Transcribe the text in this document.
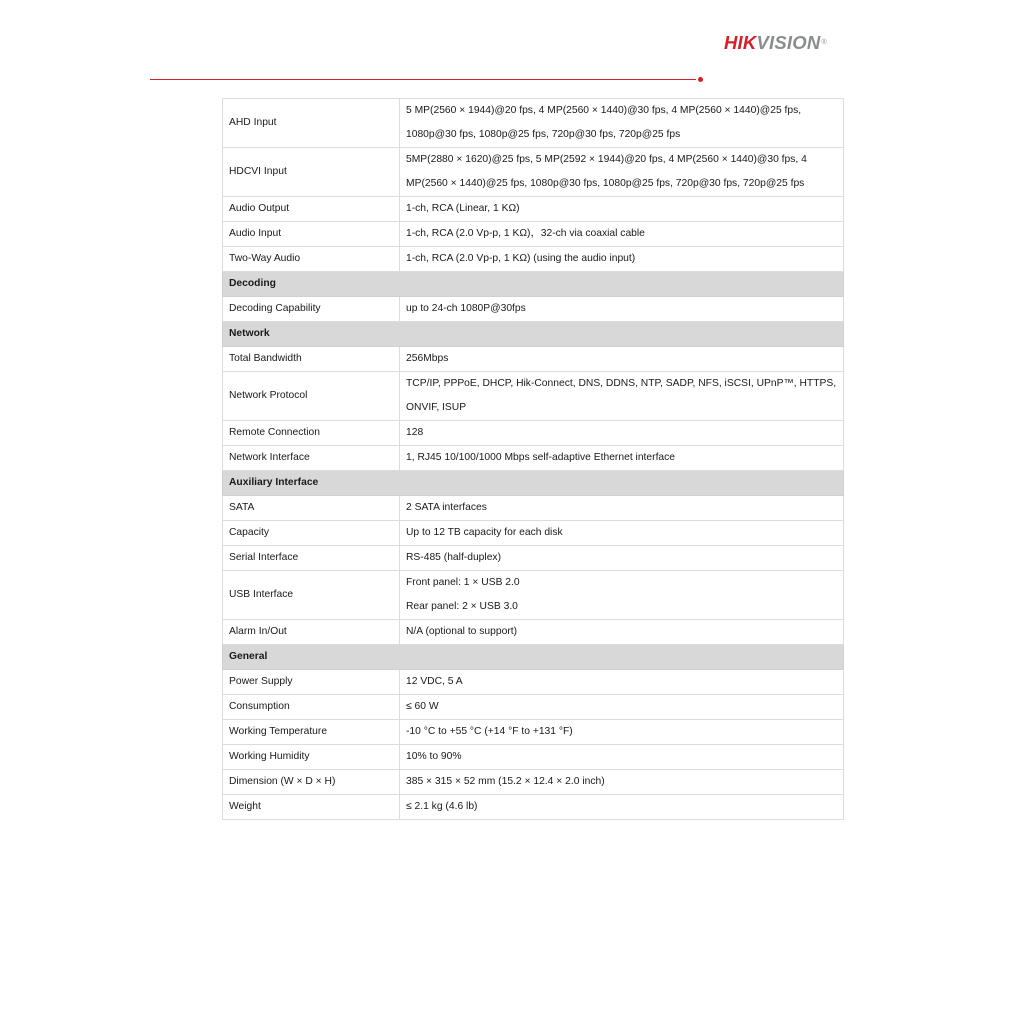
HIKVISION®
AHD Input	5 MP(2560 × 1944)@20 fps, 4 MP(2560 × 1440)@30 fps, 4 MP(2560 × 1440)@25 fps,
1080p@30 fps, 1080p@25 fps, 720p@30 fps, 720p@25 fps

HDCVI Input	5MP(2880 × 1620)@25 fps, 5 MP(2592 × 1944)@20 fps, 4 MP(2560 × 1440)@30 fps, 4
MP(2560 × 1440)@25 fps, 1080p@30 fps, 1080p@25 fps, 720p@30 fps, 720p@25 fps

Audio Output	1-ch, RCA (Linear, 1 KΩ)

Audio Input	1-ch, RCA (2.0 Vp-p, 1 KΩ)，32-ch via coaxial cable

Two-Way Audio	1-ch, RCA (2.0 Vp-p, 1 KΩ) (using the audio input)

Decoding	
Decoding Capability	up to 24-ch 1080P@30fps

Network	
Total Bandwidth	256Mbps

Network Protocol	TCP/IP, PPPoE, DHCP, Hik-Connect, DNS, DDNS, NTP, SADP, NFS, iSCSI, UPnP™, HTTPS,
ONVIF, ISUP

Remote Connection	128

Network Interface	1, RJ45 10/100/1000 Mbps self-adaptive Ethernet interface

Auxiliary Interface	
SATA	2 SATA interfaces

Capacity	Up to 12 TB capacity for each disk

Serial Interface	RS-485 (half-duplex)

USB Interface	Front panel: 1 × USB 2.0
Rear panel: 2 × USB 3.0

Alarm In/Out	N/A (optional to support)

General	
Power Supply	12 VDC, 5 A

Consumption	≤ 60 W

Working Temperature	-10 °C to +55 °C (+14 °F to +131 °F)

Working Humidity	10% to 90%

Dimension (W × D × H)	385 × 315 × 52 mm (15.2 × 12.4 × 2.0 inch)

Weight	≤ 2.1 kg (4.6 lb)
